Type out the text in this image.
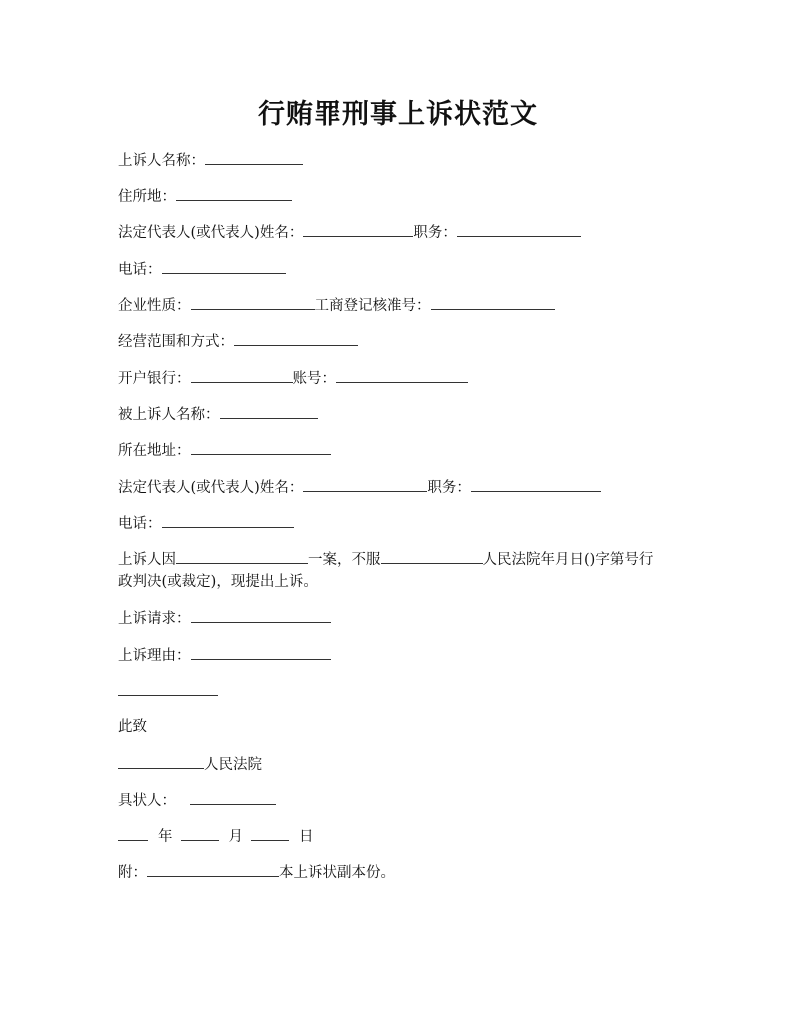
行贿罪刑事上诉状范文
上诉人名称：
住所地：
法定代表人(或代表人)姓名：	职务：
电话：
企业性质：	工商登记核准号：
经营范围和方式：
开户银行：	账号：
被上诉人名称：
所在地址：
法定代表人(或代表人)姓名：	职务：
电话：
上诉人因	一案，不服	人民法院年月日()字第号行
政判决(或裁定)，现提出上诉。
上诉请求：
上诉理由：
此致
人民法院
具状人：
年	月	日
附：	本上诉状副本份。
